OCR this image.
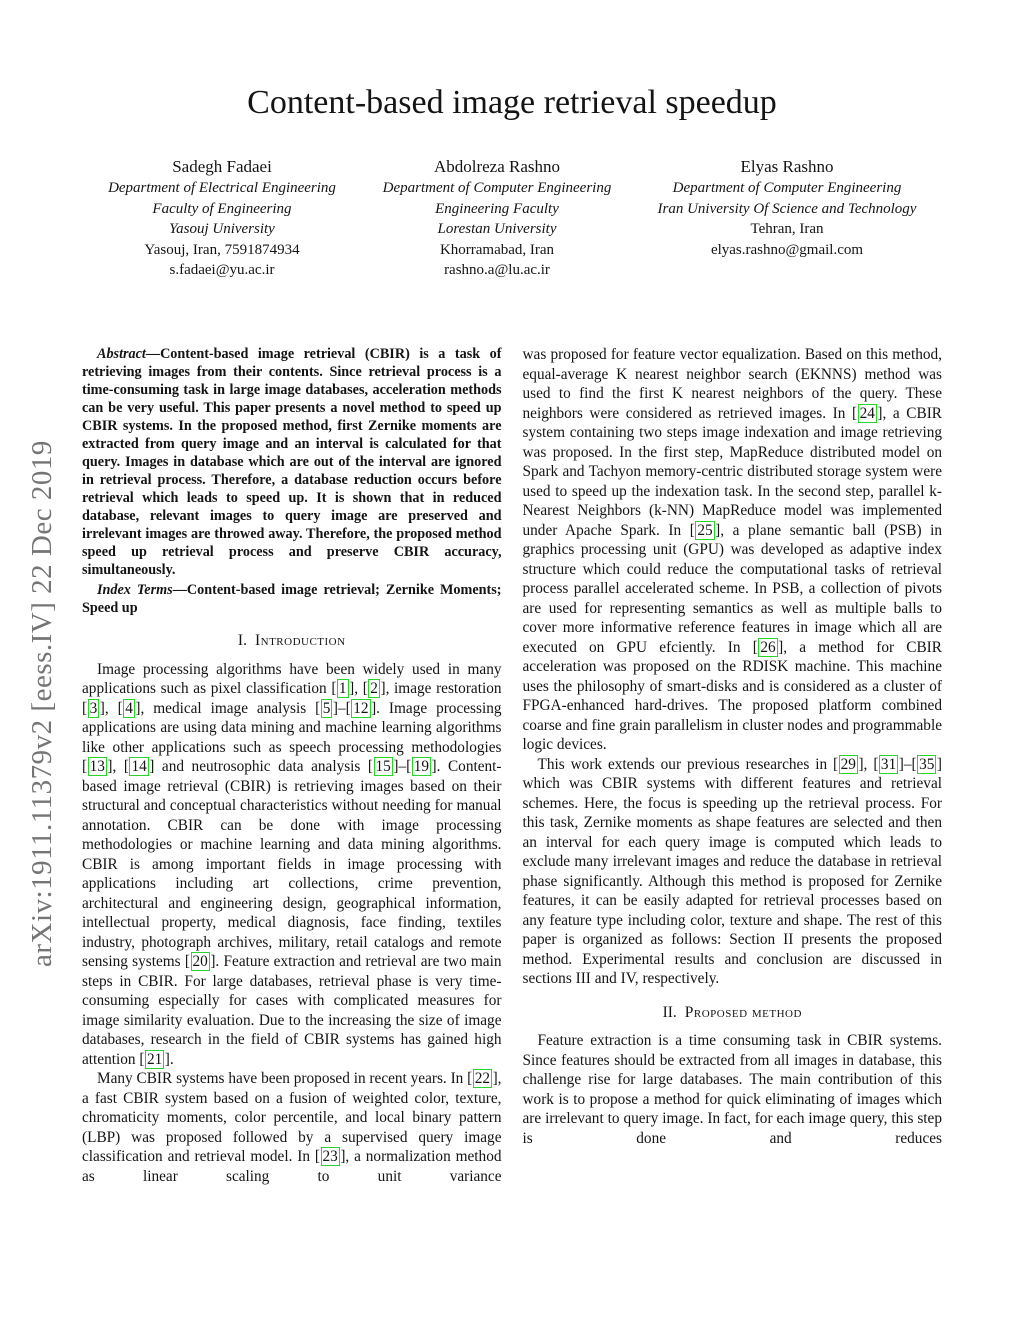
arXiv:1911.11379v2 [eess.IV] 22 Dec 2019
Content-based image retrieval speedup
Sadegh Fadaei
Department of Electrical Engineering
Faculty of Engineering
Yasouj University
Yasouj, Iran, 7591874934
s.fadaei@yu.ac.ir
Abdolreza Rashno
Department of Computer Engineering
Engineering Faculty
Lorestan University
Khorramabad, Iran
rashno.a@lu.ac.ir
Elyas Rashno
Department of Computer Engineering
Iran University Of Science and Technology
Tehran, Iran
elyas.rashno@gmail.com

Abstract—Content-based image retrieval (CBIR) is a task of retrieving images from their contents. Since retrieval process is a time-consuming task in large image databases, acceleration methods can be very useful. This paper presents a novel method to speed up CBIR systems. In the proposed method, first Zernike moments are extracted from query image and an interval is calculated for that query. Images in database which are out of the interval are ignored in retrieval process. Therefore, a database reduction occurs before retrieval which leads to speed up. It is shown that in reduced database, relevant images to query image are preserved and irrelevant images are throwed away. Therefore, the proposed method speed up retrieval process and preserve CBIR accuracy, simultaneously.

Index Terms—Content-based image retrieval; Zernike Moments; Speed up

I. Introduction

Image processing algorithms have been widely used in many applications such as pixel classification [ 1 ], [ 2 ], image restoration [ 3 ], [ 4 ], medical image analysis [ 5 ]–[ 12 ]. Image processing applications are using data mining and machine learning algorithms like other applications such as speech processing methodologies [ 13 ], [ 14 ] and neutrosophic data analysis [ 15 ]–[ 19 ]. Content-based image retrieval (CBIR) is retrieving images based on their structural and conceptual characteristics without needing for manual annotation. CBIR can be done with image processing methodologies or machine learning and data mining algorithms. CBIR is among important fields in image processing with applications including art collections, crime prevention, architectural and engineering design, geographical information, intellectual property, medical diagnosis, face finding, textiles industry, photograph archives, military, retail catalogs and remote sensing systems [ 20 ]. Feature extraction and retrieval are two main steps in CBIR. For large databases, retrieval phase is very time-consuming especially for cases with complicated measures for image similarity evaluation. Due to the increasing the size of image databases, research in the field of CBIR systems has gained high attention [ 21 ].

Many CBIR systems have been proposed in recent years. In [ 22 ], a fast CBIR system based on a fusion of weighted color, texture, chromaticity moments, color percentile, and local binary pattern (LBP) was proposed followed by a supervised query image classification and retrieval model. In [ 23 ], a normalization method as linear scaling to unit variance

was proposed for feature vector equalization. Based on this method, equal-average K nearest neighbor search (EKNNS) method was used to find the first K nearest neighbors of the query. These neighbors were considered as retrieved images. In [ 24 ], a CBIR system containing two steps image indexation and image retrieving was proposed. In the first step, MapReduce distributed model on Spark and Tachyon memory-centric distributed storage system were used to speed up the indexation task. In the second step, parallel k-Nearest Neighbors (k-NN) MapReduce model was implemented under Apache Spark. In [ 25 ], a plane semantic ball (PSB) in graphics processing unit (GPU) was developed as adaptive index structure which could reduce the computational tasks of retrieval process parallel accelerated scheme. In PSB, a collection of pivots are used for representing semantics as well as multiple balls to cover more informative reference features in image which all are executed on GPU efciently. In [ 26 ], a method for CBIR acceleration was proposed on the RDISK machine. This machine uses the philosophy of smart-disks and is considered as a cluster of FPGA-enhanced hard-drives. The proposed platform combined coarse and fine grain parallelism in cluster nodes and programmable logic devices.

This work extends our previous researches in [ 29 ], [ 31 ]–[ 35 ] which was CBIR systems with different features and retrieval schemes. Here, the focus is speeding up the retrieval process. For this task, Zernike moments as shape features are selected and then an interval for each query image is computed which leads to exclude many irrelevant images and reduce the database in retrieval phase significantly. Although this method is proposed for Zernike features, it can be easily adapted for retrieval processes based on any feature type including color, texture and shape. The rest of this paper is organized as follows: Section II presents the proposed method. Experimental results and conclusion are discussed in sections III and IV, respectively.

II. Proposed method

Feature extraction is a time consuming task in CBIR systems. Since features should be extracted from all images in database, this challenge rise for large databases. The main contribution of this work is to propose a method for quick eliminating of images which are irrelevant to query image. In fact, for each image query, this step is done and reduces
